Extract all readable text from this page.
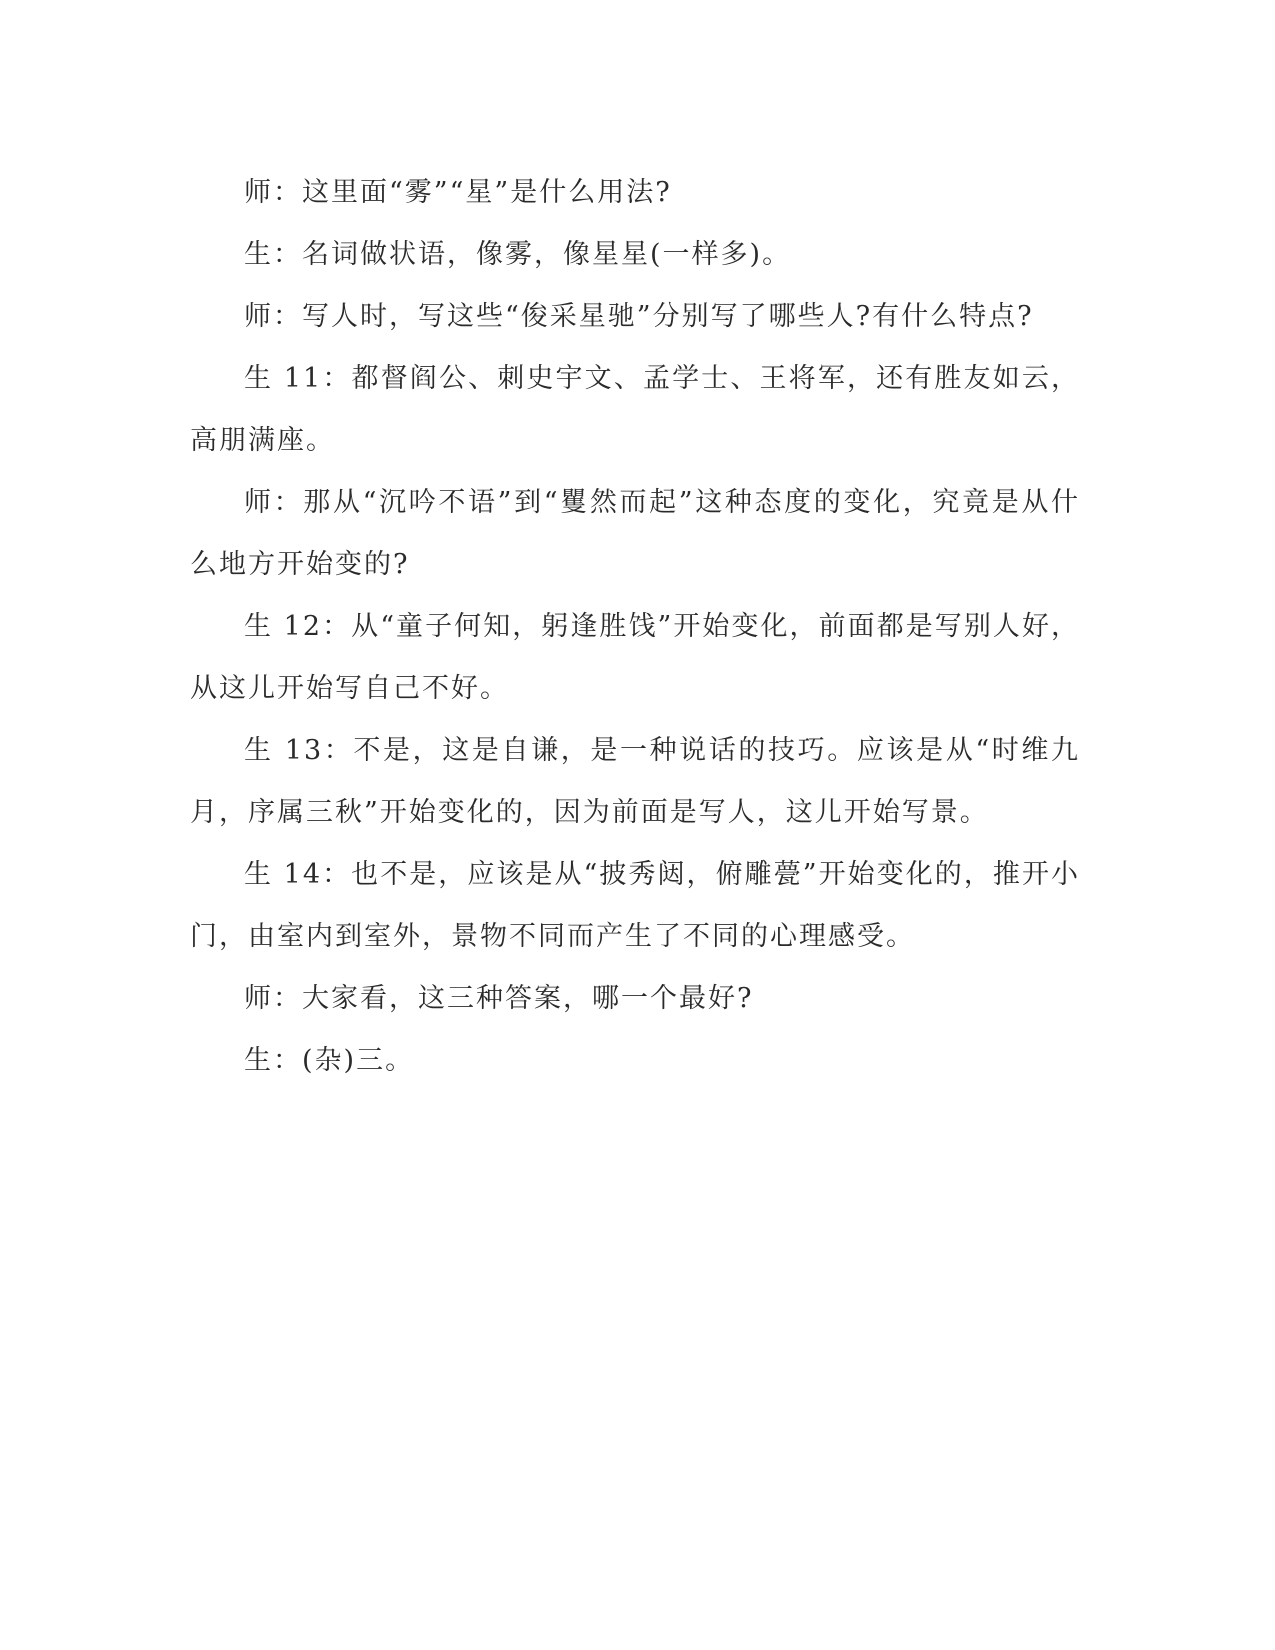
师：这里面“雾”“星”是什么用法?

生：名词做状语，像雾，像星星(一样多)。

师：写人时，写这些“俊采星驰”分别写了哪些人?有什么特点?

生 11：都督阎公、刺史宇文、孟学士、王将军，还有胜友如云，高朋满座。

师：那从“沉吟不语”到“矍然而起”这种态度的变化，究竟是从什么地方开始变的?

生 12：从“童子何知，躬逢胜饯”开始变化，前面都是写别人好，从这儿开始写自己不好。

生 13：不是，这是自谦，是一种说话的技巧。应该是从“时维九月，序属三秋”开始变化的，因为前面是写人，这儿开始写景。

生 14：也不是，应该是从“披秀闼，俯雕甍”开始变化的，推开小门，由室内到室外，景物不同而产生了不同的心理感受。

师：大家看，这三种答案，哪一个最好?

生：(杂)三。
